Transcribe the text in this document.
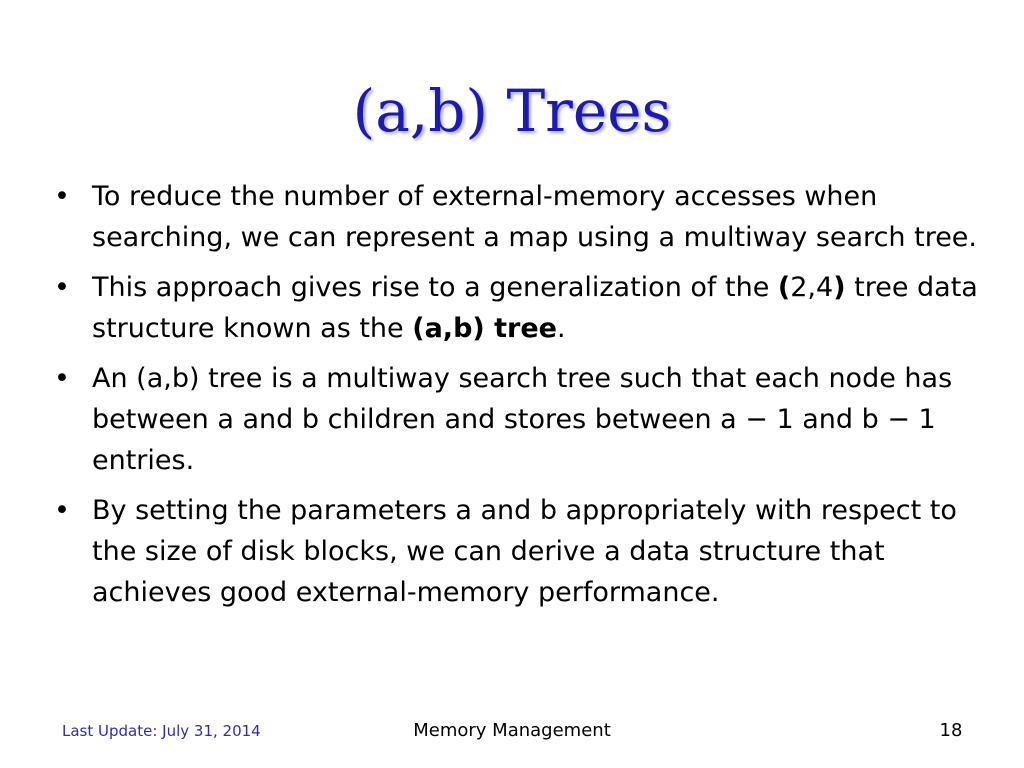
(a,b) Trees
• To reduce the number of external-memory accesses when searching, we can represent a map using a multiway search tree.
• This approach gives rise to a generalization of the (2,4) tree data structure known as the (a,b) tree.
• An (a,b) tree is a multiway search tree such that each node has between a and b children and stores between a − 1 and b − 1 entries.
• By setting the parameters a and b appropriately with respect to the size of disk blocks, we can derive a data structure that achieves good external-memory performance.
Last Update: July 31, 2014	Memory Management	18
